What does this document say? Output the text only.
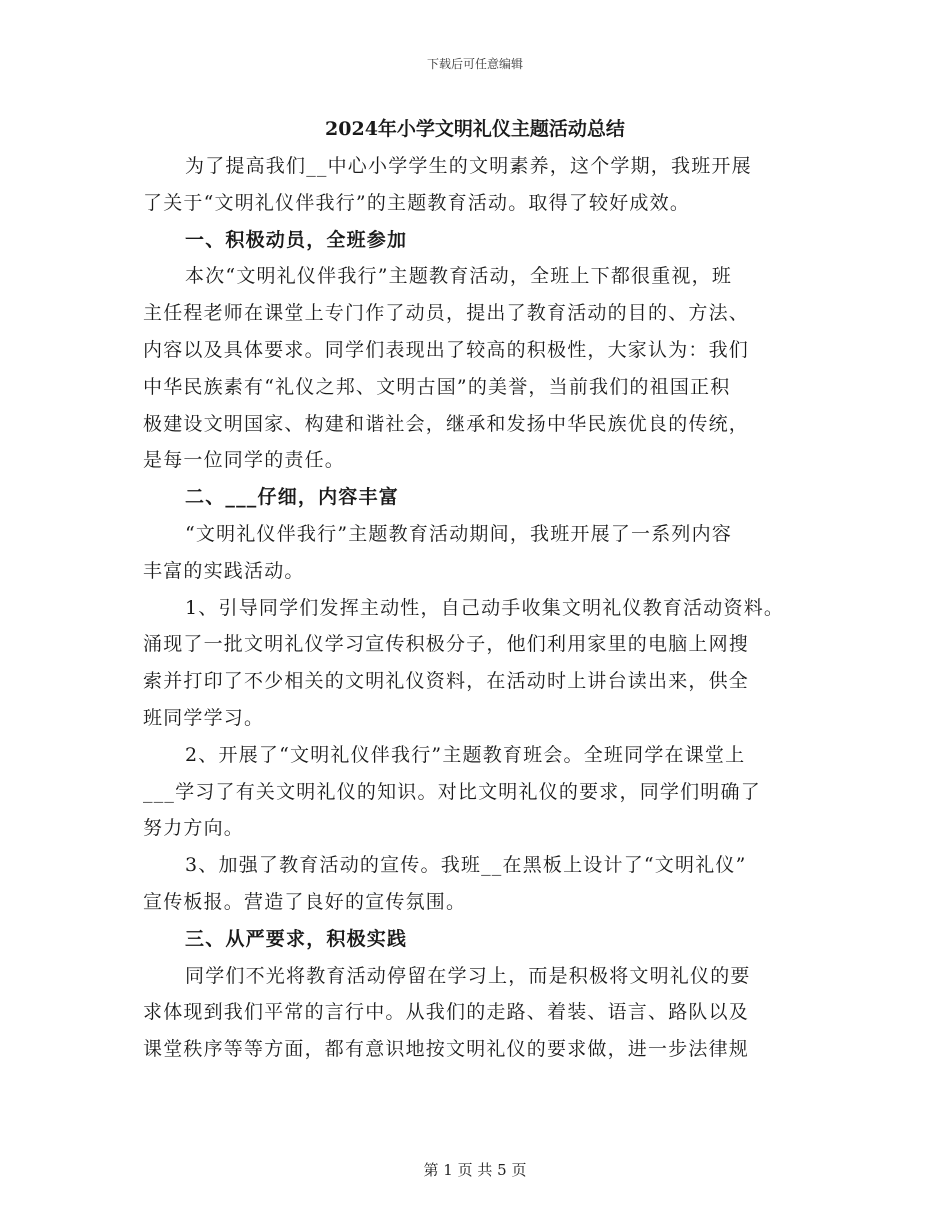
下载后可任意编辑
2024年小学文明礼仪主题活动总结
为了提高我们__中心小学学生的文明素养，这个学期，我班开展
了关于“文明礼仪伴我行”的主题教育活动。取得了较好成效。
一、积极动员，全班参加
本次“文明礼仪伴我行”主题教育活动，全班上下都很重视，班
主任程老师在课堂上专门作了动员，提出了教育活动的目的、方法、
内容以及具体要求。同学们表现出了较高的积极性，大家认为：我们
中华民族素有“礼仪之邦、文明古国”的美誉，当前我们的祖国正积
极建设文明国家、构建和谐社会，继承和发扬中华民族优良的传统，
是每一位同学的责任。
二、___仔细，内容丰富
“文明礼仪伴我行”主题教育活动期间，我班开展了一系列内容
丰富的实践活动。
1、引导同学们发挥主动性，自己动手收集文明礼仪教育活动资料。
涌现了一批文明礼仪学习宣传积极分子，他们利用家里的电脑上网搜
索并打印了不少相关的文明礼仪资料，在活动时上讲台读出来，供全
班同学学习。
2、开展了“文明礼仪伴我行”主题教育班会。全班同学在课堂上
___学习了有关文明礼仪的知识。对比文明礼仪的要求，同学们明确了
努力方向。
3、加强了教育活动的宣传。我班__在黑板上设计了“文明礼仪”
宣传板报。营造了良好的宣传氛围。
三、从严要求，积极实践
同学们不光将教育活动停留在学习上，而是积极将文明礼仪的要
求体现到我们平常的言行中。从我们的走路、着装、语言、路队以及
课堂秩序等等方面，都有意识地按文明礼仪的要求做，进一步法律规
第 1 页 共 5 页
